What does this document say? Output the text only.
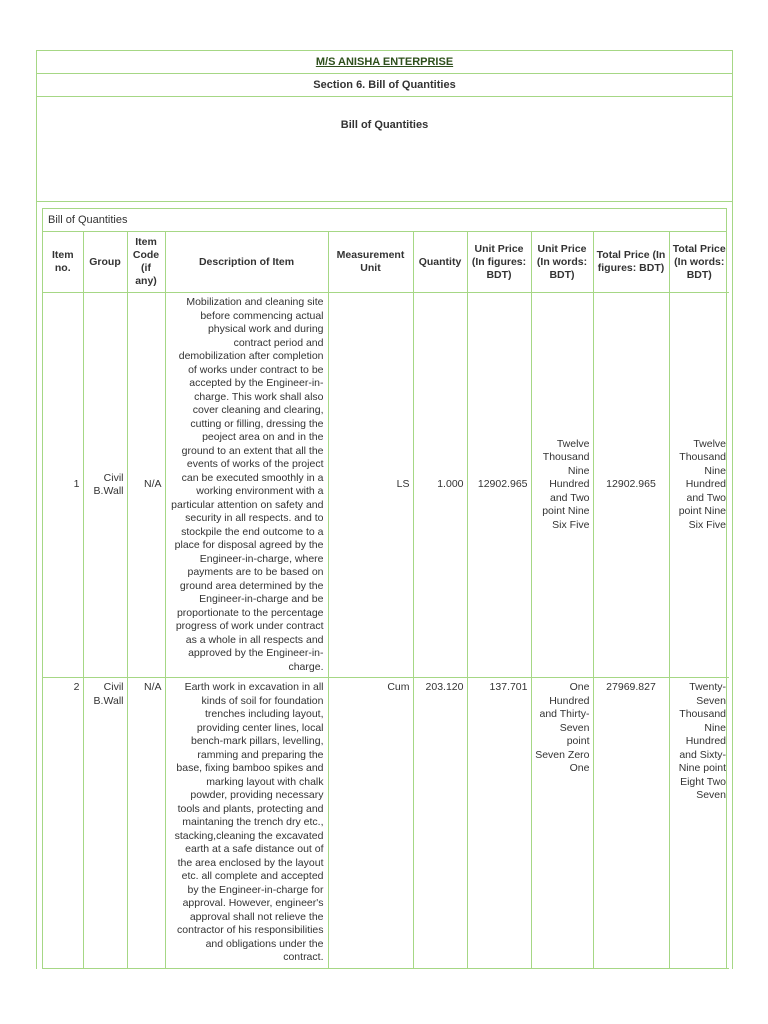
M/S ANISHA ENTERPRISE
Section 6. Bill of Quantities
Bill of Quantities
Bill of Quantities
Item no.	Group	Item Code (if any)	Description of Item	Measurement Unit	Quantity	Unit Price (In figures: BDT)	Unit Price (In words: BDT)	Total Price (In figures: BDT)	Total Price (In words: BDT)
1	Civil B.Wall	N/A	Mobilization and cleaning site before commencing actual physical work and during contract period and demobilization after completion of works under contract to be accepted by the Engineer-in-charge. This work shall also cover cleaning and clearing, cutting or filling, dressing the peoject area on and in the ground to an extent that all the events of works of the project can be executed smoothly in a working environment with a particular attention on safety and security in all respects. and to stockpile the end outcome to a place for disposal agreed by the Engineer-in-charge, where payments are to be based on ground area determined by the Engineer-in-charge and be proportionate to the percentage progress of work under contract as a whole in all respects and approved by the Engineer-in-charge.	LS	1.000	12902.965	Twelve Thousand Nine Hundred and Two point Nine Six Five	12902.965	Twelve Thousand Nine Hundred and Two point Nine Six Five
2	Civil B.Wall	N/A	Earth work in excavation in all kinds of soil for foundation trenches including layout, providing center lines, local bench-mark pillars, levelling, ramming and preparing the base, fixing bamboo spikes and marking layout with chalk powder, providing necessary tools and plants, protecting and maintaning the trench dry etc., stacking,cleaning the excavated earth at a safe distance out of the area enclosed by the layout etc. all complete and accepted by the Engineer-in-charge for approval. However, engineer's approval shall not relieve the contractor of his responsibilities and obligations under the contract.	Cum	203.120	137.701	One Hundred and Thirty-Seven point Seven Zero One	27969.827	Twenty-Seven Thousand Nine Hundred and Sixty-Nine point Eight Two Seven
